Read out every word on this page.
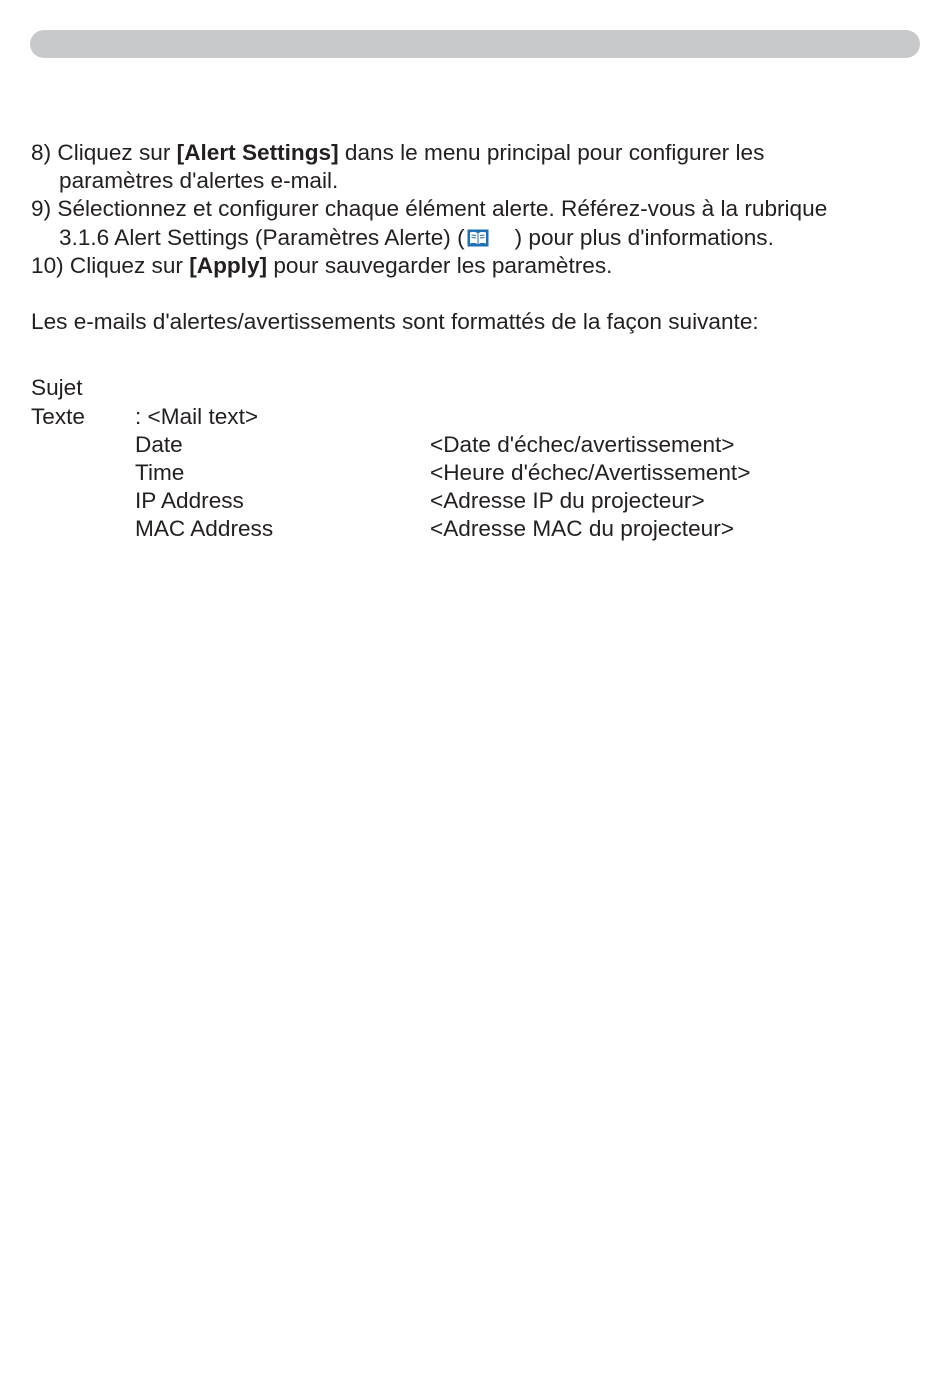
8) Cliquez sur [Alert Settings] dans le menu principal pour configurer les
paramètres d'alertes e-mail.
9) Sélectionnez et configurer chaque élément alerte. Référez-vous à la rubrique
3.1.6 Alert Settings (Paramètres Alerte) ( ) pour plus d'informations.
10) Cliquez sur [Apply] pour sauvegarder les paramètres.
Les e-mails d'alertes/avertissements sont formattés de la façon suivante:
Sujet
Texte	: <Mail text>
Date	<Date d'échec/avertissement>
Time	<Heure d'échec/Avertissement>
IP Address	<Adresse IP du projecteur>
MAC Address	<Adresse MAC du projecteur>
